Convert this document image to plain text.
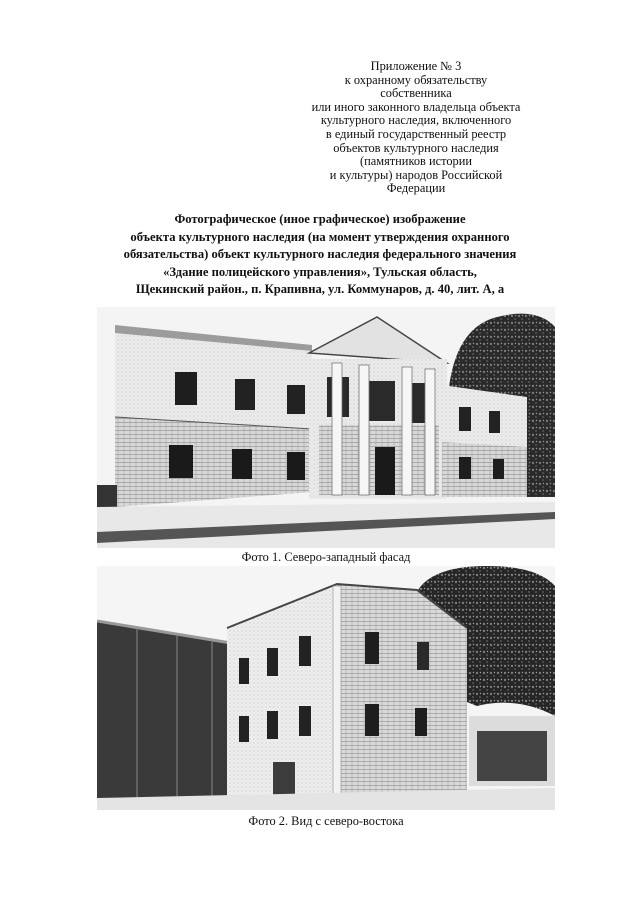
Приложение № 3
к охранному обязательству
собственника
или иного законного владельца объекта
культурного наследия, включенного
в единый государственный реестр
объектов культурного наследия
(памятников истории
и культуры) народов Российской
Федерации
Фотографическое (иное графическое) изображение
объекта культурного наследия (на момент утверждения охранного
обязательства) объект культурного наследия федерального значения
«Здание полицейского управления», Тульская область,
Щекинский район., п. Крапивна, ул. Коммунаров, д. 40, лит. А, а
Фото 1. Северо-западный фасад
Фото 2. Вид с северо-востока
